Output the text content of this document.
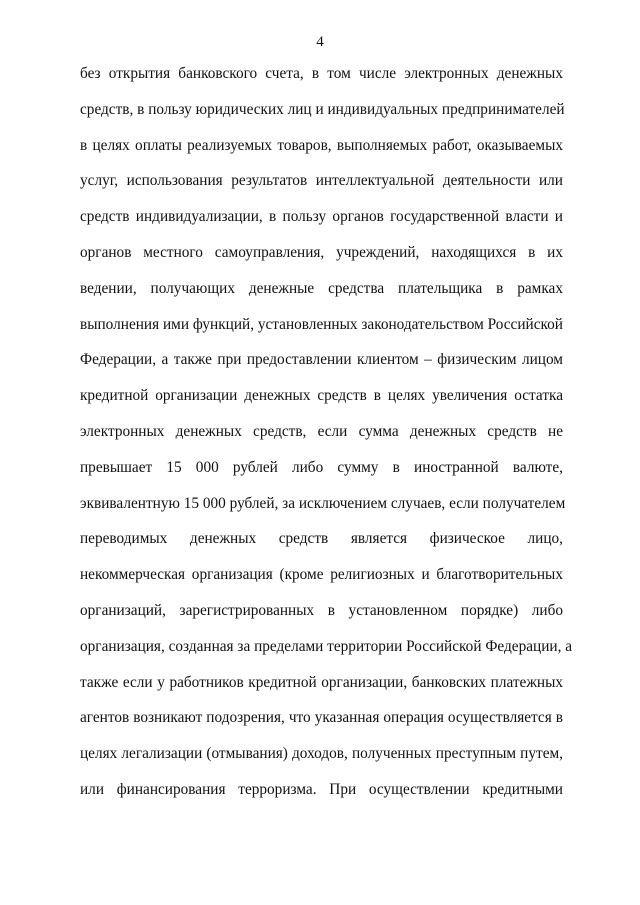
4
без открытия банковского счета, в том числе электронных денежных
средств, в пользу юридических лиц и индивидуальных предпринимателей
в целях оплаты реализуемых товаров, выполняемых работ, оказываемых
услуг, использования результатов интеллектуальной деятельности или
средств индивидуализации, в пользу органов государственной власти и
органов местного самоуправления, учреждений, находящихся в их
ведении, получающих денежные средства плательщика в рамках
выполнения ими функций, установленных законодательством Российской
Федерации, а также при предоставлении клиентом – физическим лицом
кредитной организации денежных средств в целях увеличения остатка
электронных денежных средств, если сумма денежных средств не
превышает 15 000 рублей либо сумму в иностранной валюте,
эквивалентную 15 000 рублей, за исключением случаев, если получателем
переводимых денежных средств является физическое лицо,
некоммерческая организация (кроме религиозных и благотворительных
организаций, зарегистрированных в установленном порядке) либо
организация, созданная за пределами территории Российской Федерации, а
также если у работников кредитной организации, банковских платежных
агентов возникают подозрения, что указанная операция осуществляется в
целях легализации (отмывания) доходов, полученных преступным путем,
или финансирования терроризма. При осуществлении кредитными
